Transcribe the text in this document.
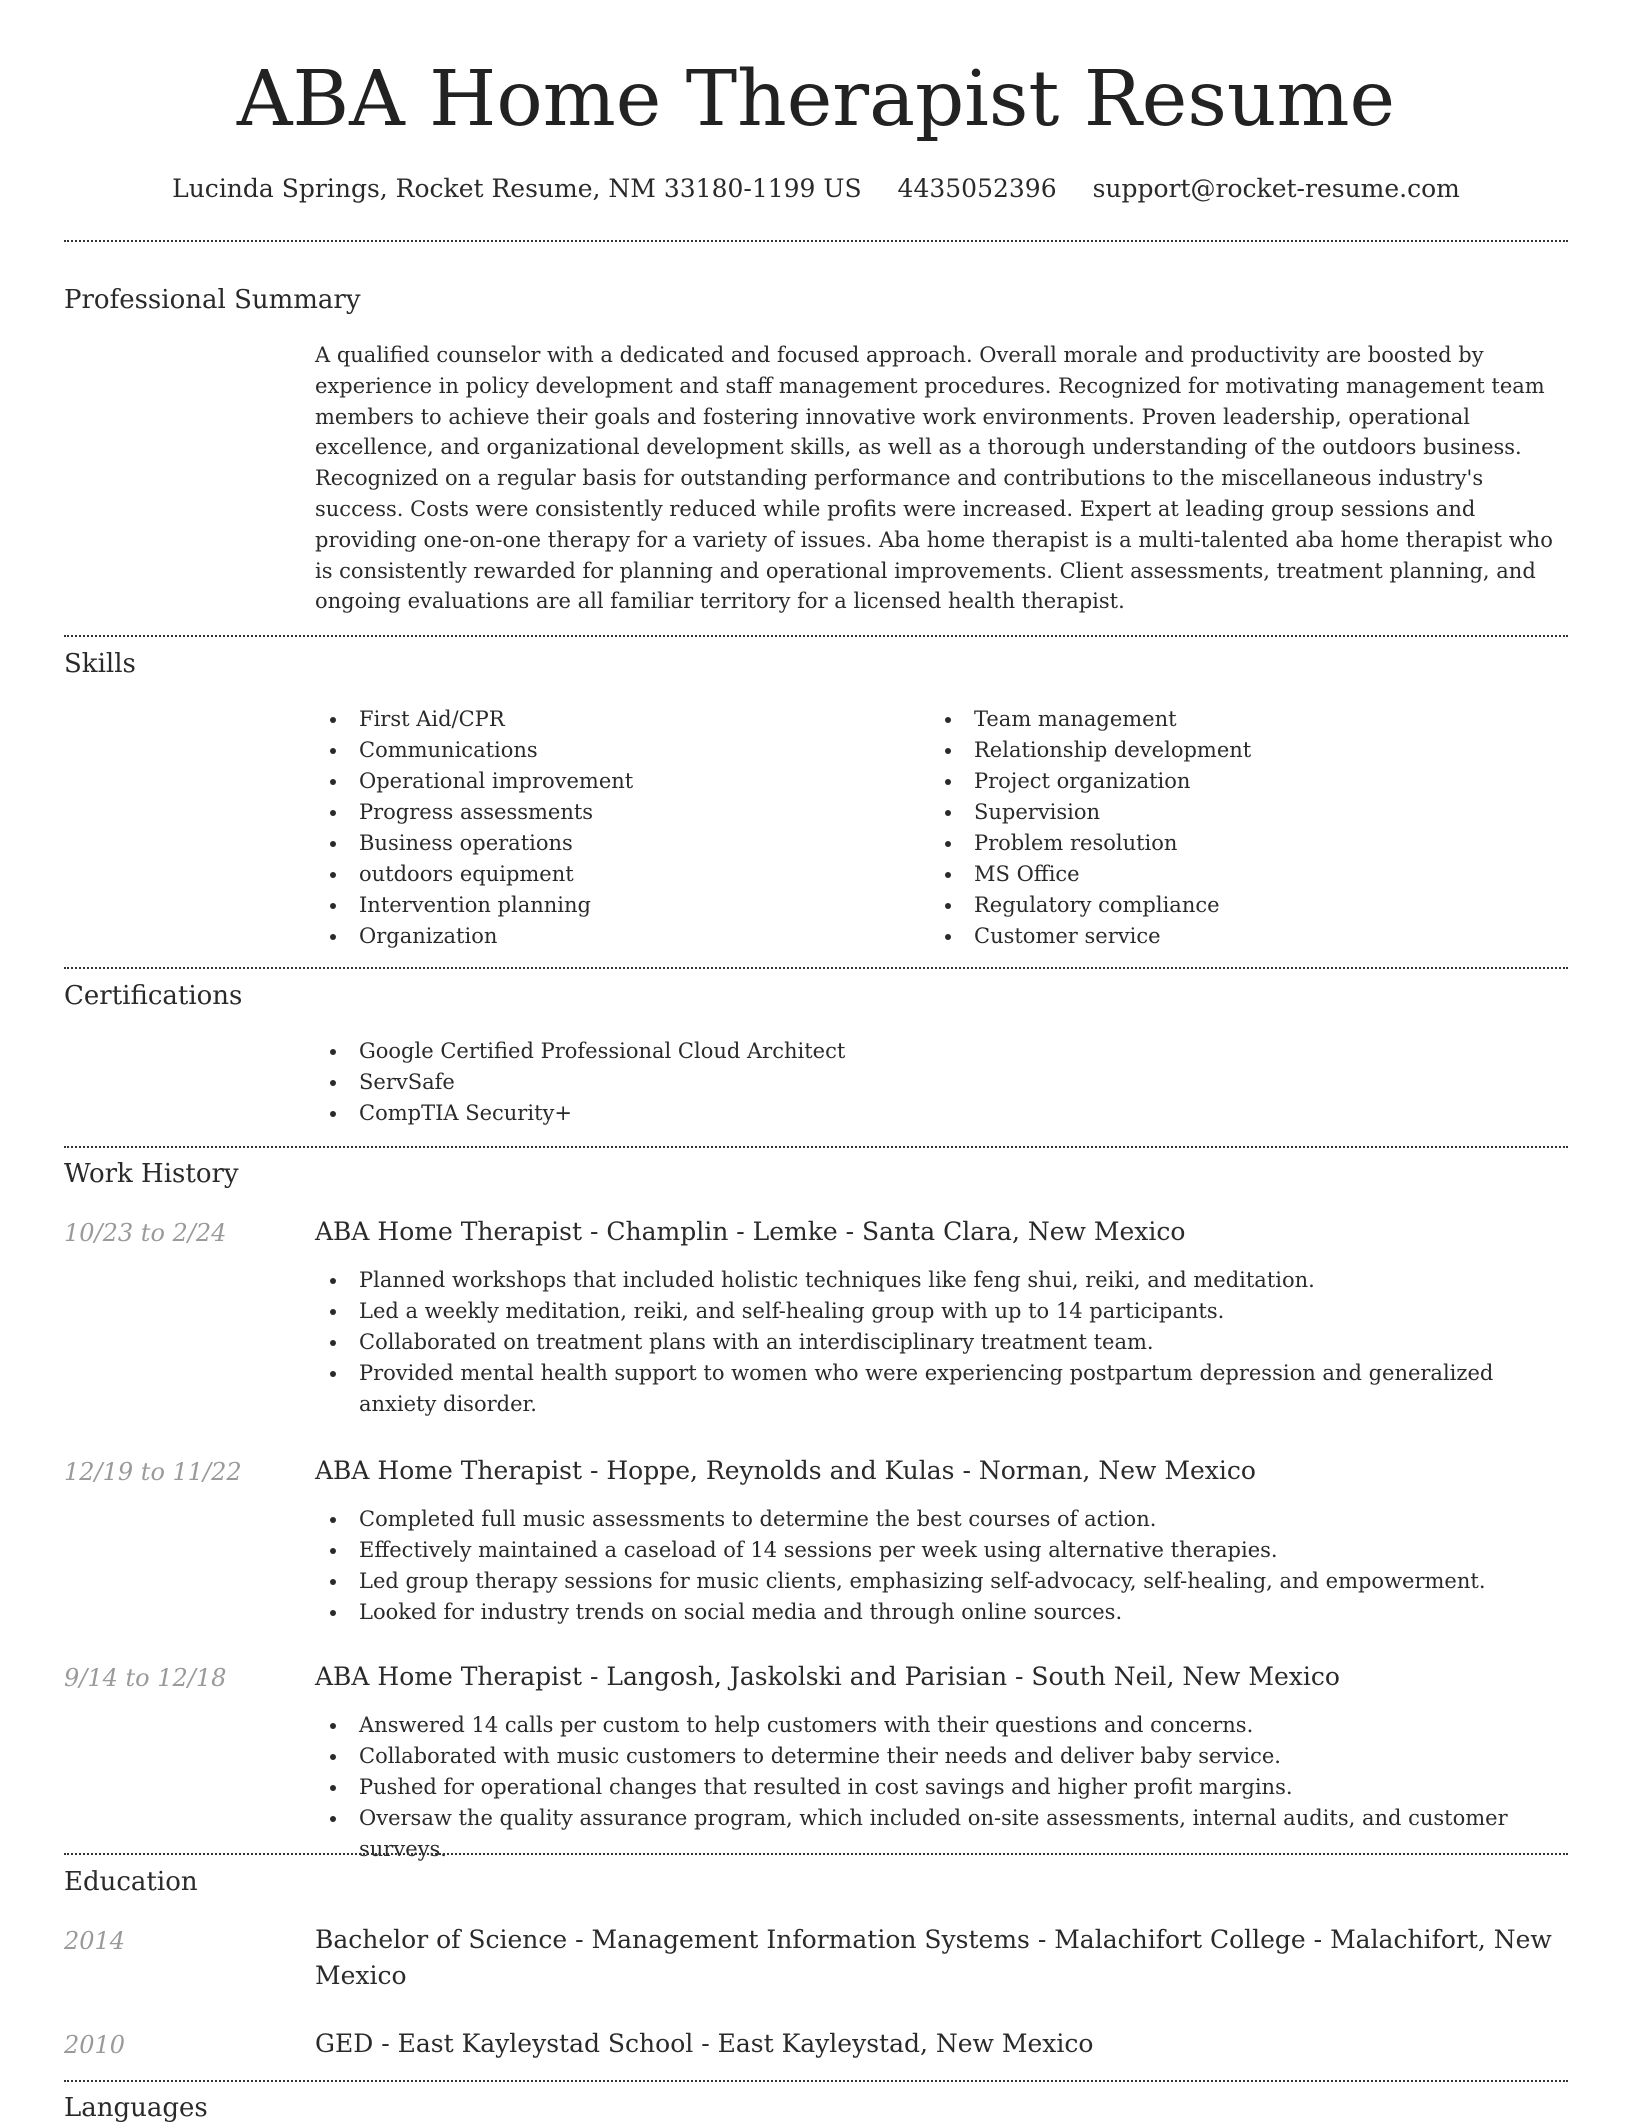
ABA Home Therapist Resume
Lucinda Springs, Rocket Resume, NM 33180-1199 US 4435052396 support@rocket-resume.com
Professional Summary

A qualified counselor with a dedicated and focused approach. Overall morale and productivity are boosted by experience in policy development and staff management procedures. Recognized for motivating management team members to achieve their goals and fostering innovative work environments. Proven leadership, operational excellence, and organizational development skills, as well as a thorough understanding of the outdoors business. Recognized on a regular basis for outstanding performance and contributions to the miscellaneous industry's success. Costs were consistently reduced while profits were increased. Expert at leading group sessions and providing one-on-one therapy for a variety of issues. Aba home therapist is a multi-talented aba home therapist who is consistently rewarded for planning and operational improvements. Client assessments, treatment planning, and ongoing evaluations are all familiar territory for a licensed health therapist.

Skills
First Aid/CPR
Communications
Operational improvement
Progress assessments
Business operations
outdoors equipment
Intervention planning
Organization
Team management
Relationship development
Project organization
Supervision
Problem resolution
MS Office
Regulatory compliance
Customer service
Certifications
Google Certified Professional Cloud Architect
ServSafe
CompTIA Security+
Work History
10/23 to 2/24	ABA Home Therapist - Champlin - Lemke - Santa Clara, New Mexico
Planned workshops that included holistic techniques like feng shui, reiki, and meditation.
Led a weekly meditation, reiki, and self-healing group with up to 14 participants.
Collaborated on treatment plans with an interdisciplinary treatment team.
Provided mental health support to women who were experiencing postpartum depression and generalized anxiety disorder.
12/19 to 11/22	ABA Home Therapist - Hoppe, Reynolds and Kulas - Norman, New Mexico
Completed full music assessments to determine the best courses of action.
Effectively maintained a caseload of 14 sessions per week using alternative therapies.
Led group therapy sessions for music clients, emphasizing self-advocacy, self-healing, and empowerment.
Looked for industry trends on social media and through online sources.
9/14 to 12/18	ABA Home Therapist - Langosh, Jaskolski and Parisian - South Neil, New Mexico
Answered 14 calls per custom to help customers with their questions and concerns.
Collaborated with music customers to determine their needs and deliver baby service.
Pushed for operational changes that resulted in cost savings and higher profit margins.
Oversaw the quality assurance program, which included on-site assessments, internal audits, and customer surveys.
Education
2014	Bachelor of Science - Management Information Systems - Malachifort College - Malachifort, New Mexico
2010	GED - East Kayleystad School - East Kayleystad, New Mexico
Languages
